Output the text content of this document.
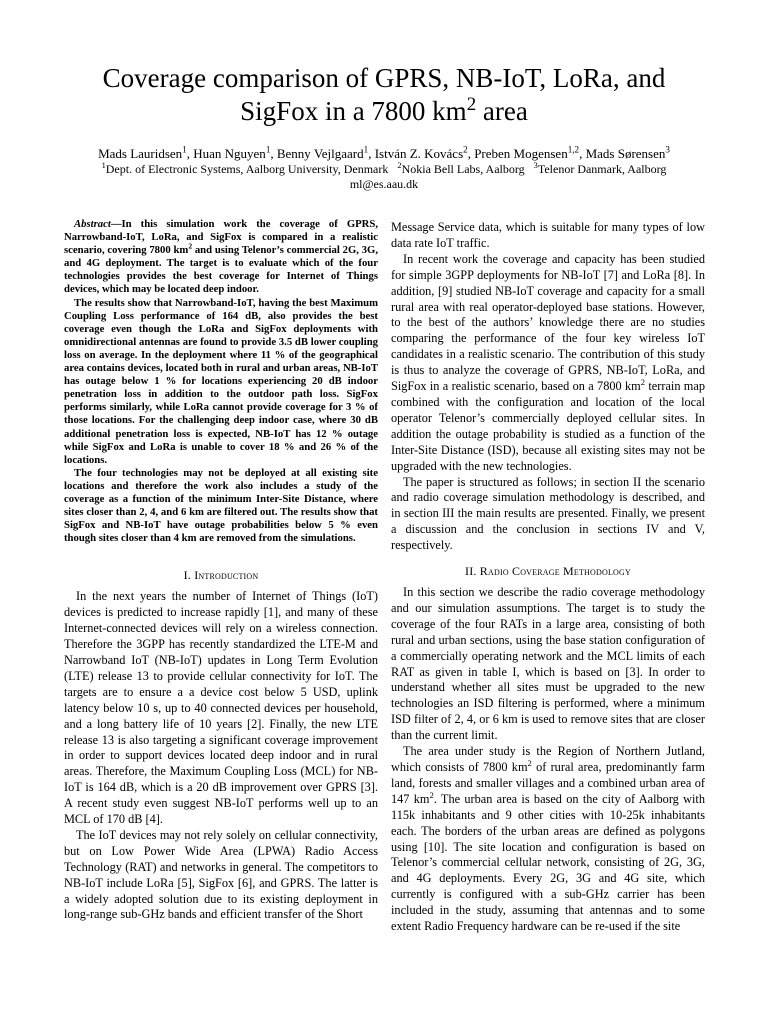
Coverage comparison of GPRS, NB-IoT, LoRa, and
SigFox in a 7800 $km^2$ area
Mads Lauridsen$^1$, Huan Nguyen$^1$, Benny Vejlgaard$^1$, István Z. Kovács$^2$, Preben Mogensen$^{1,2}$, Mads Sørensen$^3$
$^1$Dept. of Electronic Systems, Aalborg University, Denmark $^2$Nokia Bell Labs, Aalborg $^3$Telenor Danmark, Aalborg
ml@es.aau.dk

Abstract—In this simulation work the coverage of GPRS, Narrowband-IoT, LoRa, and SigFox is compared in a realistic scenario, covering 7800 $km^2$ and using Telenor’s commercial 2G, 3G, and 4G deployment. The target is to evaluate which of the four technologies provides the best coverage for Internet of Things devices, which may be located deep indoor.

The results show that Narrowband-IoT, having the best Maximum Coupling Loss performance of 164 dB, also provides the best coverage even though the LoRa and SigFox deployments with omnidirectional antennas are found to provide 3.5 dB lower coupling loss on average. In the deployment where 11 % of the geographical area contains devices, located both in rural and urban areas, NB-IoT has outage below 1 % for locations experiencing 20 dB indoor penetration loss in addition to the outdoor path loss. SigFox performs similarly, while LoRa cannot provide coverage for 3 % of those locations. For the challenging deep indoor case, where 30 dB additional penetration loss is expected, NB-IoT has 12 % outage while SigFox and LoRa is unable to cover 18 % and 26 % of the locations.

The four technologies may not be deployed at all existing site locations and therefore the work also includes a study of the coverage as a function of the minimum Inter-Site Distance, where sites closer than 2, 4, and 6 km are filtered out. The results show that SigFox and NB-IoT have outage probabilities below 5 % even though sites closer than 4 km are removed from the simulations.

I. Introduction

In the next years the number of Internet of Things (IoT) devices is predicted to increase rapidly [1], and many of these Internet-connected devices will rely on a wireless connection. Therefore the 3GPP has recently standardized the LTE-M and Narrowband IoT (NB-IoT) updates in Long Term Evolution (LTE) release 13 to provide cellular connectivity for IoT. The targets are to ensure a a device cost below 5 USD, uplink latency below 10 s, up to 40 connected devices per household, and a long battery life of 10 years [2]. Finally, the new LTE release 13 is also targeting a significant coverage improvement in order to support devices located deep indoor and in rural areas. Therefore, the Maximum Coupling Loss (MCL) for NB-IoT is 164 dB, which is a 20 dB improvement over GPRS [3]. A recent study even suggest NB-IoT performs well up to an MCL of 170 dB [4].

The IoT devices may not rely solely on cellular connectivity, but on Low Power Wide Area (LPWA) Radio Access Technology (RAT) and networks in general. The competitors to NB-IoT include LoRa [5], SigFox [6], and GPRS. The latter is a widely adopted solution due to its existing deployment in long-range sub-GHz bands and efficient transfer of the Short

Message Service data, which is suitable for many types of low data rate IoT traffic.

In recent work the coverage and capacity has been studied for simple 3GPP deployments for NB-IoT [7] and LoRa [8]. In addition, [9] studied NB-IoT coverage and capacity for a small rural area with real operator-deployed base stations. However, to the best of the authors’ knowledge there are no studies comparing the performance of the four key wireless IoT candidates in a realistic scenario. The contribution of this study is thus to analyze the coverage of GPRS, NB-IoT, LoRa, and SigFox in a realistic scenario, based on a 7800 $km^2$ terrain map combined with the configuration and location of the local operator Telenor’s commercially deployed cellular sites. In addition the outage probability is studied as a function of the Inter-Site Distance (ISD), because all existing sites may not be upgraded with the new technologies.

The paper is structured as follows; in section II the scenario and radio coverage simulation methodology is described, and in section III the main results are presented. Finally, we present a discussion and the conclusion in sections IV and V, respectively.

II. Radio Coverage Methodology

In this section we describe the radio coverage methodology and our simulation assumptions. The target is to study the coverage of the four RATs in a large area, consisting of both rural and urban sections, using the base station configuration of a commercially operating network and the MCL limits of each RAT as given in table I, which is based on [3]. In order to understand whether all sites must be upgraded to the new technologies an ISD filtering is performed, where a minimum ISD filter of 2, 4, or 6 km is used to remove sites that are closer than the current limit.

The area under study is the Region of Northern Jutland, which consists of 7800 $km^2$ of rural area, predominantly farm land, forests and smaller villages and a combined urban area of 147 $km^2$. The urban area is based on the city of Aalborg with 115k inhabitants and 9 other cities with 10-25k inhabitants each. The borders of the urban areas are defined as polygons using [10]. The site location and configuration is based on Telenor’s commercial cellular network, consisting of 2G, 3G, and 4G deployments. Every 2G, 3G and 4G site, which currently is configured with a sub-GHz carrier has been included in the study, assuming that antennas and to some extent Radio Frequency hardware can be re-used if the site
